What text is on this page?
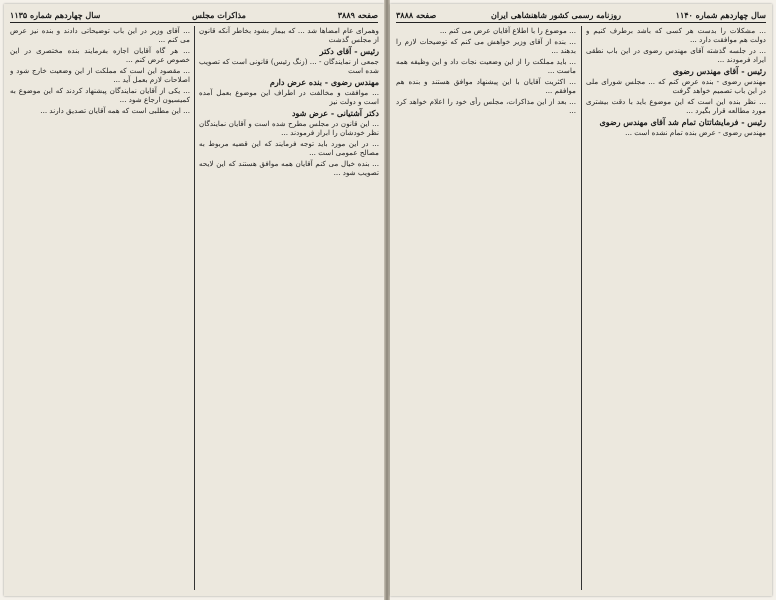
صفحه ۳۸۸۹
مذاکرات مجلس
سال چهاردهم شماره ۱۱۳۵

وهمرای عام امضاها شد ... که بیمار بشود بخاطر آنکه قانون از مجلس گذشت

رئیس - آقای دکتر

جمعی از نمایندگان - ... (زنگ رئیس) قانونی است که تصویب شده است

مهندس رضوی - بنده عرض دارم

... موافقت و مخالفت در اطراف این موضوع بعمل آمده است و دولت نیز

دکتر آشتیانی - عرض شود

... این قانون در مجلس مطرح شده است و آقایان نمایندگان نظر خودشان را ابراز فرمودند ...

... در این مورد باید توجه فرمایند که این قضیه مربوط به مصالح عمومی است ...

... بنده خیال می کنم آقایان همه موافق هستند که این لایحه تصویب شود ...

... آقای وزیر در این باب توضیحاتی دادند و بنده نیز عرض می کنم ...

... هر گاه آقایان اجازه بفرمایند بنده مختصری در این خصوص عرض کنم ...

... مقصود این است که مملکت از این وضعیت خارج شود و اصلاحات لازم بعمل آید ...

... یکی از آقایان نمایندگان پیشنهاد کردند که این موضوع به کمیسیون ارجاع شود ...

... این مطلبی است که همه آقایان تصدیق دارند ...

سال چهاردهم شماره ۱۱۴۰
روزنامه رسمی کشور شاهنشاهی ایران
صفحه ۳۸۸۸

... مشکلات را بدست هر کسی که باشد برطرف کنیم و دولت هم موافقت دارد ...

... در جلسه گذشته آقای مهندس رضوی در این باب نطقی ایراد فرمودند ...

رئیس - آقای مهندس رضوی

مهندس رضوی - بنده عرض کنم که ... مجلس شورای ملی در این باب تصمیم خواهد گرفت

... نظر بنده این است که این موضوع باید با دقت بیشتری مورد مطالعه قرار بگیرد ...

رئیس - فرمایشاتتان تمام شد آقای مهندس رضوی

مهندس رضوی - عرض بنده تمام نشده است ...

... موضوع را با اطلاع آقایان عرض می کنم ...

... بنده از آقای وزیر خواهش می کنم که توضیحات لازم را بدهند ...

... باید مملکت را از این وضعیت نجات داد و این وظیفه همه ماست ...

... اکثریت آقایان با این پیشنهاد موافق هستند و بنده هم موافقم ...

... بعد از این مذاکرات، مجلس رأی خود را اعلام خواهد کرد ...
